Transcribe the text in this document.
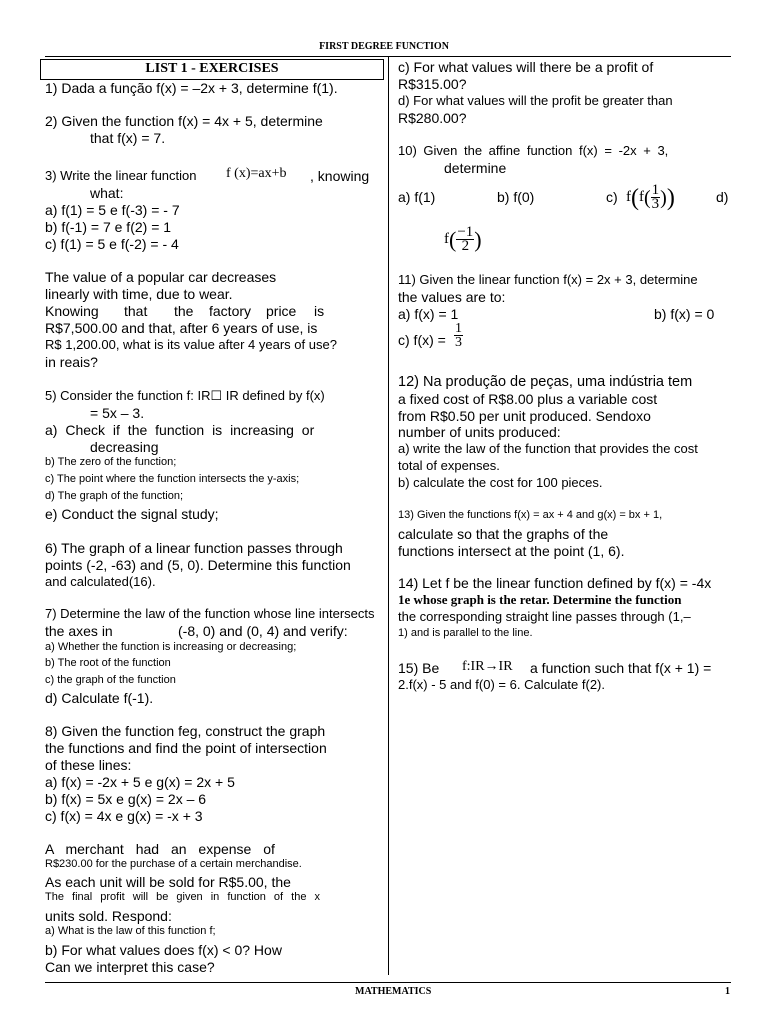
FIRST DEGREE FUNCTION
MATHEMATICS	1
LIST 1 - EXERCISES
1) Dada a função f(x) = –2x + 3, determine f(1).
2) Given the function f(x) = 4x + 5, determine
that f(x) = 7.
3) Write the linear function f (x)=ax+b , knowing
what:
a) f(1) = 5 e f(-3) = - 7
b) f(-1) = 7 e f(2) = 1
c) f(1) = 5 e f(-2) = - 4
The value of a popular car decreases
linearly with time, due to wear.
Knowing that the factory price is
R$7,500.00 and that, after 6 years of use, is
R$ 1,200.00, what is its value after 4 years of use?
in reais?
5) Consider the function f: IR☐ IR defined by f(x)
= 5x – 3.
a) Check if the function is increasing or
decreasing
b) The zero of the function;
c) The point where the function intersects the y-axis;
d) The graph of the function;
e) Conduct the signal study;
6) The graph of a linear function passes through
points (-2, -63) and (5, 0). Determine this function
and calculated(16).
7) Determine the law of the function whose line intersects
the axes in	(-8, 0) and (0, 4) and verify:
a) Whether the function is increasing or decreasing;
b) The root of the function
c) the graph of the function
d) Calculate f(-1).
8) Given the function feg, construct the graph
the functions and find the point of intersection
of these lines:
a) f(x) = -2x + 5 e g(x) = 2x + 5
b) f(x) = 5x e g(x) = 2x – 6
c) f(x) = 4x e g(x) = -x + 3
A merchant had an expense of
R$230.00 for the purchase of a certain merchandise.
As each unit will be sold for R$5.00, the
The final profit will be given in function of the x
units sold. Respond:
a) What is the law of this function f;
b) For what values does f(x) < 0? How
Can we interpret this case?
c) For what values will there be a profit of
R$315.00?
d) For what values will the profit be greater than
R$280.00?
10) Given the affine function f(x) = -2x + 3,
determine
a) f(1)	b) f(0)	c) $f(f( \frac{1}{3}$ ))	d)
$f( \frac{-1}{2}$ )
11) Given the linear function f(x) = 2x + 3, determine
the values are to:
a) f(x) = 1	b) f(x) = 0
c) $f(x) = \frac{1}{3}$
12) Na produção de peças, uma indústria tem
a fixed cost of R$8.00 plus a variable cost
from R$0.50 per unit produced. Sendoxo
number of units produced:
a) write the law of the function that provides the cost
total of expenses.
b) calculate the cost for 100 pieces.
13) Given the functions f(x) = ax + 4 and g(x) = bx + 1,
calculate so that the graphs of the
functions intersect at the point (1, 6).
14) Let f be the linear function defined by f(x) = -4x
1e whose graph is the retar. Determine the function
the corresponding straight line passes through (1,–
1) and is parallel to the line.
15) Be f:IR→IR a function such that f(x + 1) =
2.f(x) - 5 and f(0) = 6. Calculate f(2).
